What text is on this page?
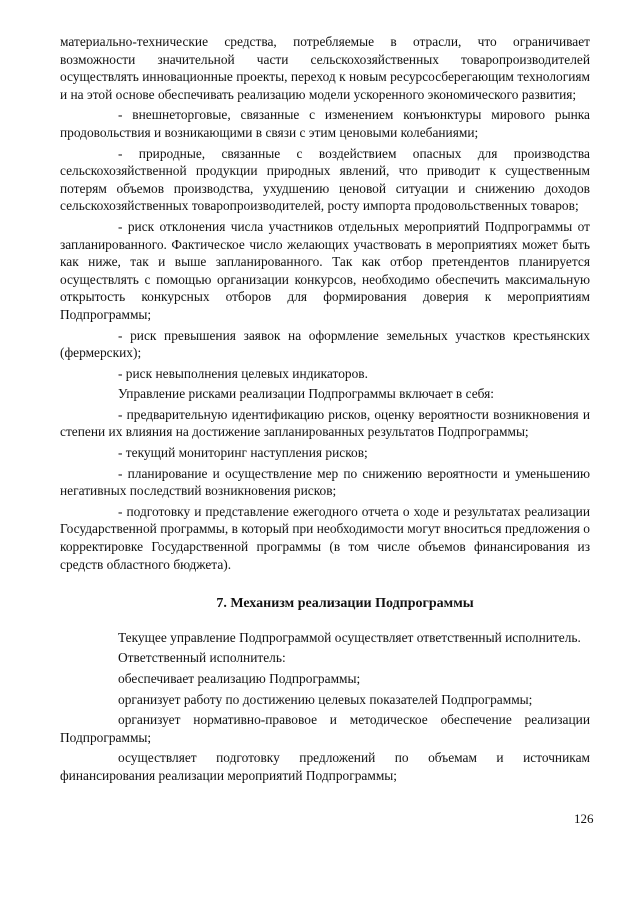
материально-технические средства, потребляемые в отрасли, что ограничивает возможности значительной части сельскохозяйственных товаропроизводителей осуществлять инновационные проекты, переход к новым ресурсосберегающим технологиям и на этой основе обеспечивать реализацию модели ускоренного экономического развития;

- внешнеторговые, связанные с изменением конъюнктуры мирового рынка продовольствия и возникающими в связи с этим ценовыми колебаниями;

- природные, связанные с воздействием опасных для производства сельскохозяйственной продукции природных явлений, что приводит к существенным потерям объемов производства, ухудшению ценовой ситуации и снижению доходов сельскохозяйственных товаропроизводителей, росту импорта продовольственных товаров;

- риск отклонения числа участников отдельных мероприятий Подпрограммы от запланированного. Фактическое число желающих участвовать в мероприятиях может быть как ниже, так и выше запланированного. Так как отбор претендентов планируется осуществлять с помощью организации конкурсов, необходимо обеспечить максимальную открытость конкурсных отборов для формирования доверия к мероприятиям Подпрограммы;

- риск превышения заявок на оформление земельных участков крестьянских (фермерских);

- риск невыполнения целевых индикаторов.

Управление рисками реализации Подпрограммы включает в себя:

- предварительную идентификацию рисков, оценку вероятности возникновения и степени их влияния на достижение запланированных результатов Подпрограммы;

- текущий мониторинг наступления рисков;

- планирование и осуществление мер по снижению вероятности и уменьшению негативных последствий возникновения рисков;

- подготовку и представление ежегодного отчета о ходе и результатах реализации Государственной программы, в который при необходимости могут вноситься предложения о корректировке Государственной программы (в том числе объемов финансирования из средств областного бюджета).

7. Механизм реализации Подпрограммы

Текущее управление Подпрограммой осуществляет ответственный исполнитель.

Ответственный исполнитель:

обеспечивает реализацию Подпрограммы;

организует работу по достижению целевых показателей Подпрограммы;

организует нормативно-правовое и методическое обеспечение реализации Подпрограммы;

осуществляет подготовку предложений по объемам и источникам финансирования реализации мероприятий Подпрограммы;

126
